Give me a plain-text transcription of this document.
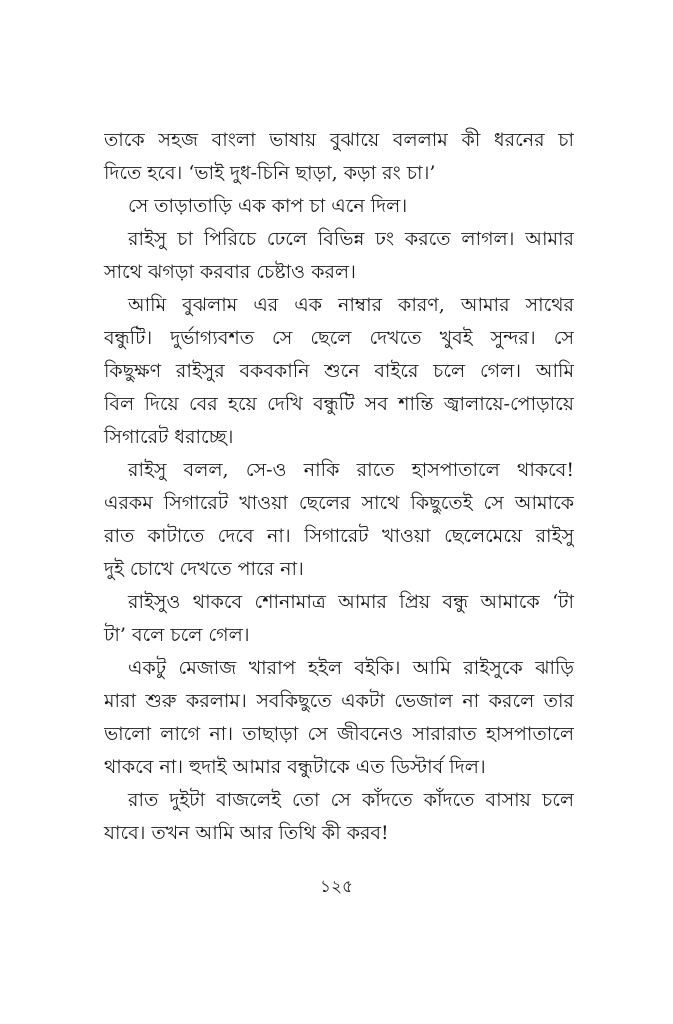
তাকে সহজ বাংলা ভাষায় বুঝায়ে বললাম কী ধরনের চা
দিতে হবে। ‘ভাই দুধ-চিনি ছাড়া, কড়া রং চা।’

সে তাড়াতাড়ি এক কাপ চা এনে দিল।

রাইসু চা পিরিচে ঢেলে বিভিন্ন ঢং করতে লাগল। আমার
সাথে ঝগড়া করবার চেষ্টাও করল।

আমি বুঝলাম এর এক নাম্বার কারণ, আমার সাথের
বন্ধুটি। দুর্ভাগ্যবশত সে ছেলে দেখতে খুবই সুন্দর। সে
কিছুক্ষণ রাইসুর বকবকানি শুনে বাইরে চলে গেল। আমি
বিল দিয়ে বের হয়ে দেখি বন্ধুটি সব শান্তি জ্বালায়ে-পোড়ায়ে
সিগারেট ধরাচ্ছে।

রাইসু বলল, সে-ও নাকি রাতে হাসপাতালে থাকবে!
এরকম সিগারেট খাওয়া ছেলের সাথে কিছুতেই সে আমাকে
রাত কাটাতে দেবে না। সিগারেট খাওয়া ছেলেমেয়ে রাইসু
দুই চোখে দেখতে পারে না।

রাইসুও থাকবে শোনামাত্র আমার প্রিয় বন্ধু আমাকে ‘টা
টা’ বলে চলে গেল।

একটু মেজাজ খারাপ হইল বইকি। আমি রাইসুকে ঝাড়ি
মারা শুরু করলাম। সবকিছুতে একটা ভেজাল না করলে তার
ভালো লাগে না। তাছাড়া সে জীবনেও সারারাত হাসপাতালে
থাকবে না। হুদাই আমার বন্ধুটাকে এত ডিস্টার্ব দিল।

রাত দুইটা বাজলেই তো সে কাঁদতে কাঁদতে বাসায় চলে
যাবে। তখন আমি আর তিথি কী করব!

১২৫
